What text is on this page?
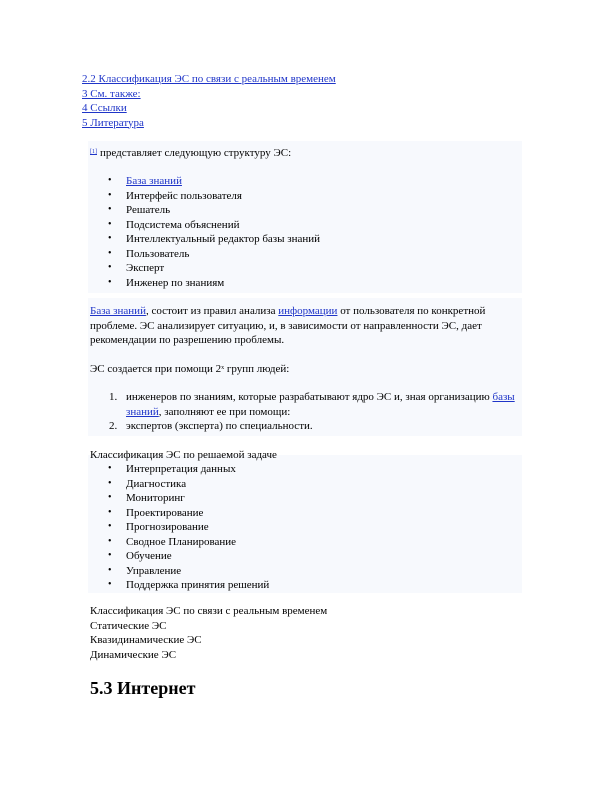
2.2 Классификация ЭС по связи с реальным временем
3 См. также:
4 Ссылки
5 Литература
[1] представляет следующую структуру ЭС:
• База знаний
• Интерфейс пользователя
• Решатель
• Подсистема объяснений
• Интеллектуальный редактор базы знаний
• Пользователь
• Эксперт
• Инженер по знаниям

База знаний, состоит из правил анализа информации от пользователя по конкретной проблеме. ЭС анализирует ситуацию, и, в зависимости от направленности ЭС, дает рекомендации по разрешению проблемы.

ЭС создается при помощи 2$^x$ групп людей:

1. инженеров по знаниям, которые разрабатывают ядро ЭС и, зная организацию базы знаний, заполняют ее при помощи:
2. экспертов (эксперта) по специальности.
Классификация ЭС по решаемой задаче
• Интерпретация данных
• Диагностика
• Мониторинг
• Проектирование
• Прогнозирование
• Сводное Планирование
• Обучение
• Управление
• Поддержка принятия решений
Классификация ЭС по связи с реальным временем
Статические ЭС
Квазидинамические ЭС
Динамические ЭС
5.3 Интернет
